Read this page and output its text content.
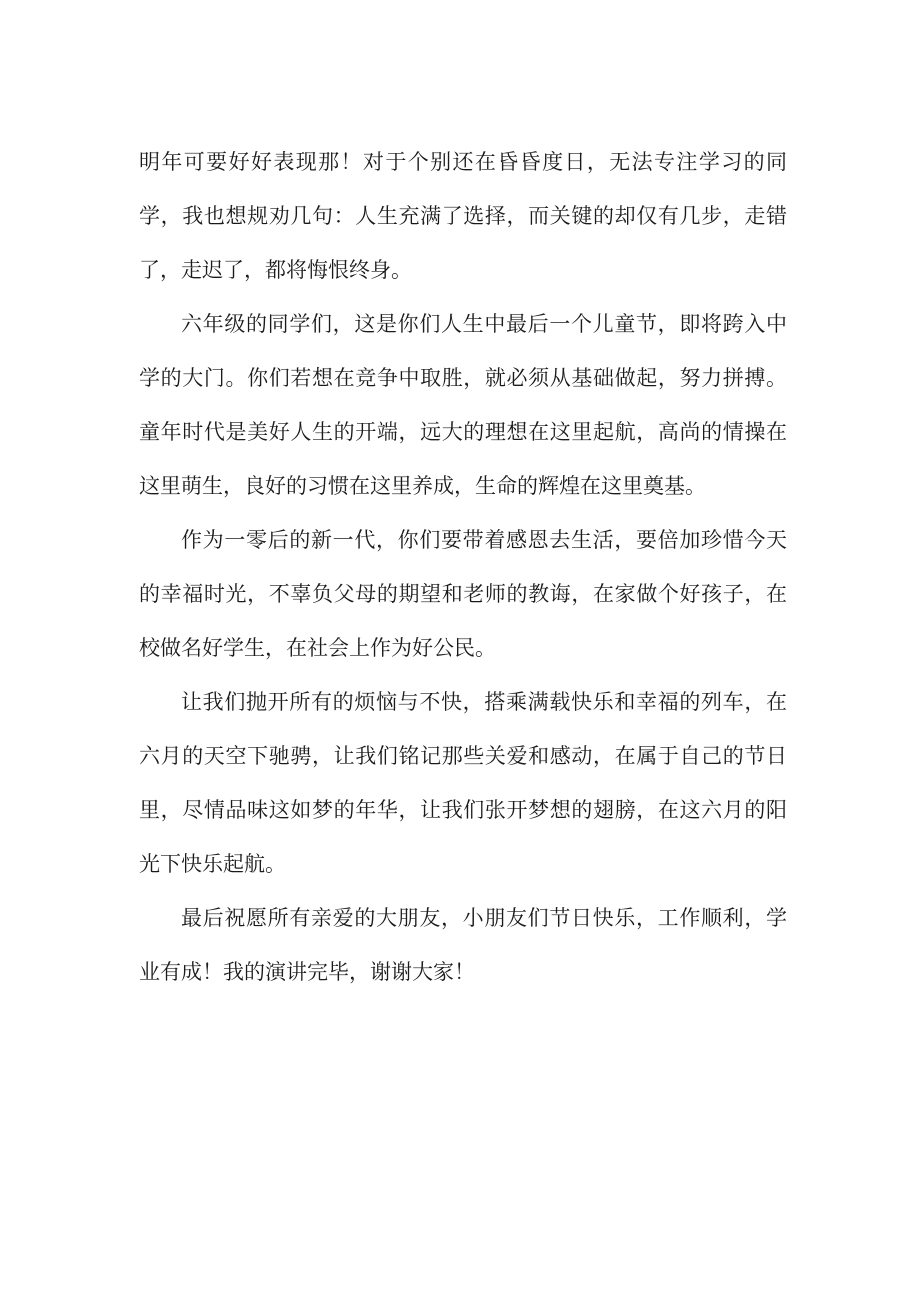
明年可要好好表现那！对于个别还在昏昏度日，无法专注学习的同学，我也想规劝几句：人生充满了选择，而关键的却仅有几步，走错了，走迟了，都将悔恨终身。

六年级的同学们，这是你们人生中最后一个儿童节，即将跨入中学的大门。你们若想在竞争中取胜，就必须从基础做起，努力拼搏。童年时代是美好人生的开端，远大的理想在这里起航，高尚的情操在这里萌生，良好的习惯在这里养成，生命的辉煌在这里奠基。

作为一零后的新一代，你们要带着感恩去生活，要倍加珍惜今天的幸福时光，不辜负父母的期望和老师的教诲，在家做个好孩子，在校做名好学生，在社会上作为好公民。

让我们抛开所有的烦恼与不快，搭乘满载快乐和幸福的列车，在六月的天空下驰骋，让我们铭记那些关爱和感动，在属于自己的节日里，尽情品味这如梦的年华，让我们张开梦想的翅膀，在这六月的阳光下快乐起航。

最后祝愿所有亲爱的大朋友，小朋友们节日快乐，工作顺利，学业有成！我的演讲完毕，谢谢大家！
